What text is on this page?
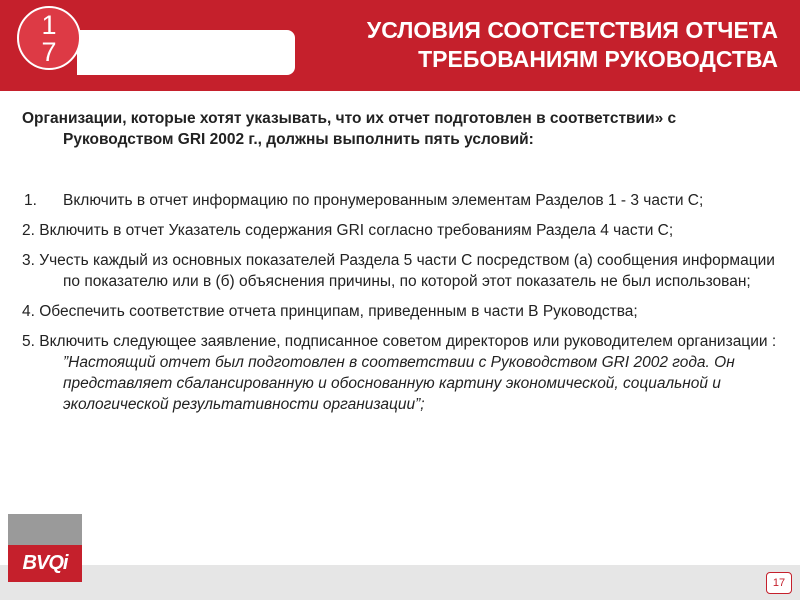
УСЛОВИЯ СООТСЕТСТВИЯ ОТЧЕТА
ТРЕБОВАНИЯМ РУКОВОДСТВА
1
7

Организации, которые хотят указывать, что их отчет подготовлен в соответствии» с Руководством GRI 2002 г., должны выполнить пять условий:

1. Включить в отчет информацию по пронумерованным элементам Разделов 1 - 3 части С;

2. Включить в отчет Указатель содержания GRI согласно требованиям Раздела 4 части С;

3. Учесть каждый из основных показателей Раздела 5 части С посредством (а) сообщения информации по показателю или в (б) объяснения причины, по которой этот показатель не был использован;

4. Обеспечить соответствие отчета принципам, приведенным в части В Руководства;

5. Включить следующее заявление, подписанное советом директоров или руководителем организации : ”Настоящий отчет был подготовлен в соответствии с Руководством GRI 2002 года. Он представляет сбалансированную и обоснованную картину экономической, социальной и экологической результативности организации”;

BVQi
17
